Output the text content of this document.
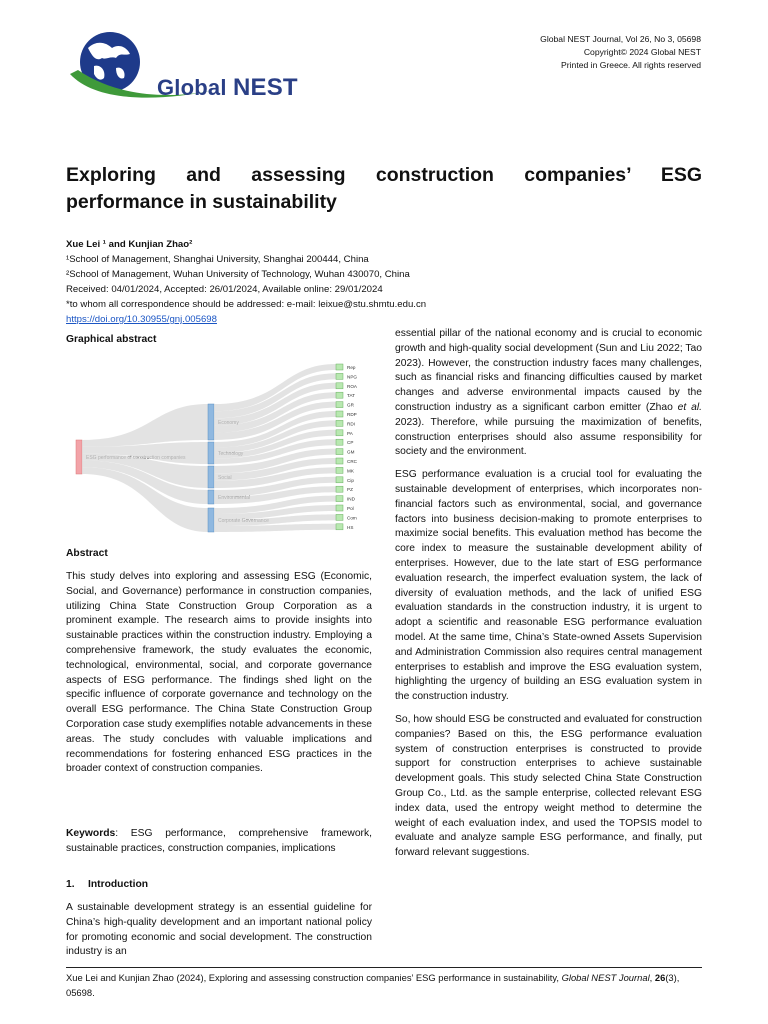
Global NEST
Global NEST Journal, Vol 26, No 3, 05698
Copyright© 2024 Global NEST
Printed in Greece. All rights reserved
Exploring and assessing construction companies’ ESG
performance in sustainability
Xue Lei ¹ and Kunjian Zhao²
¹School of Management, Shanghai University, Shanghai 200444, China
²School of Management, Wuhan University of Technology, Wuhan 430070, China
Received: 04/01/2024, Accepted: 26/01/2024, Available online: 29/01/2024
*to whom all correspondence should be addressed: e-mail: leixue@stu.shmtu.edu.cn
https://doi.org/10.30955/gnj.005698
Graphical abstract
Rep
NPG
ROA
TAT
GR
RDP
RDI
PA
CP
GM
CRC
MK
Cip
PZ
IND
Pol
Com
HS
Abstract

This study delves into exploring and assessing ESG (Economic, Social, and Governance) performance in construction companies, utilizing China State Construction Group Corporation as a prominent example. The research aims to provide insights into sustainable practices within the construction industry. Employing a comprehensive framework, the study evaluates the economic, technological, environmental, social, and corporate governance aspects of ESG performance. The findings shed light on the specific influence of corporate governance and technology on the overall ESG performance. The China State Construction Group Corporation case study exemplifies notable advancements in these areas. The study concludes with valuable implications and recommendations for fostering enhanced ESG practices in the broader context of construction companies.

Keywords: ESG performance, comprehensive framework, sustainable practices, construction companies, implications

1. Introduction

A sustainable development strategy is an essential guideline for China’s high-quality development and an important national policy for promoting economic and social development. The construction industry is an

essential pillar of the national economy and is crucial to economic growth and high-quality social development (Sun and Liu 2022; Tao 2023). However, the construction industry faces many challenges, such as financial risks and financing difficulties caused by market changes and adverse environmental impacts caused by the construction industry as a significant carbon emitter (Zhao et al. 2023). Therefore, while pursuing the maximization of benefits, construction enterprises should also assume responsibility for society and the environment.

ESG performance evaluation is a crucial tool for evaluating the sustainable development of enterprises, which incorporates non-financial factors such as environmental, social, and governance factors into business decision-making to promote enterprises to maximize social benefits. This evaluation method has become the core index to measure the sustainable development ability of enterprises. However, due to the late start of ESG performance evaluation research, the imperfect evaluation system, the lack of diversity of evaluation methods, and the lack of unified ESG evaluation standards in the construction industry, it is urgent to adopt a scientific and reasonable ESG performance evaluation model. At the same time, China’s State-owned Assets Supervision and Administration Commission also requires central management enterprises to establish and improve the ESG evaluation system, highlighting the urgency of building an ESG evaluation system in the construction industry.

So, how should ESG be constructed and evaluated for construction companies? Based on this, the ESG performance evaluation system of construction enterprises is constructed to provide support for construction enterprises to achieve sustainable development goals. This study selected China State Construction Group Co., Ltd. as the sample enterprise, collected relevant ESG index data, used the entropy weight method to determine the weight of each evaluation index, and used the TOPSIS model to evaluate and analyze sample ESG performance, and finally, put forward relevant suggestions.

Xue Lei and Kunjian Zhao (2024), Exploring and assessing construction companies’ ESG performance in sustainability, Global NEST Journal, 26(3), 05698.
